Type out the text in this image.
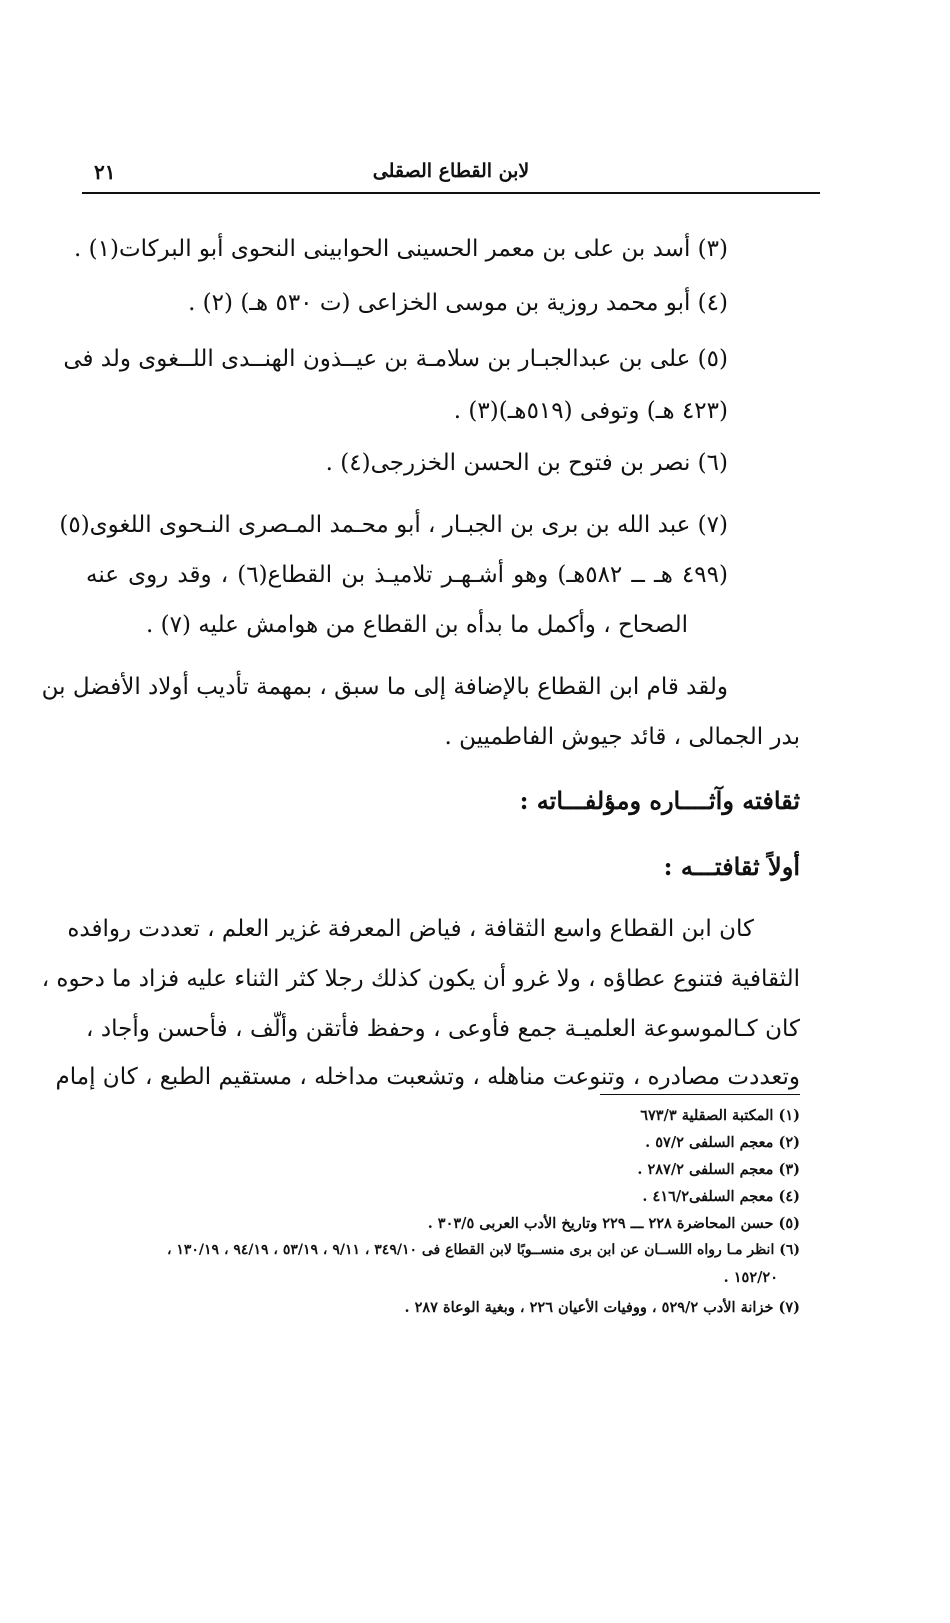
٢١	لابن القطاع الصقلى
(٣) أسد بن على بن معمر الحسينى الحوابينى النحوى أبو البركات(١) .
(٤) أبو محمد روزية بن موسى الخزاعى (ت ٥٣٠ هـ) (٢) .
(٥) على بن عبدالجبـار بن سلامـة بن عيــذون الهنــدى اللــغوى ولد فى
(٤٢٣ هـ) وتوفى (٥١٩هـ)(٣) .
(٦) نصر بن فتوح بن الحسن الخزرجى(٤) .
(٧) عبد الله بن برى بن الجبـار ، أبو محـمد المـصرى النـحوى اللغوى(٥)
(٤٩٩ هـ ــ ٥٨٢هـ) وهو أشـهـر تلاميـذ بن القطاع(٦) ، وقد روى عنه
الصحاح ، وأكمل ما بدأه بن القطاع من هوامش عليه (٧) .
ولقد قام ابن القطاع بالإضافة إلى ما سبق ، بمهمة تأديب أولاد الأفضل بن
بدر الجمالى ، قائد جيوش الفاطميين .
ثقافته وآثــــاره ومؤلفـــاته :
أولاً ثقافتـــه :
كان ابن القطاع واسع الثقافة ، فياض المعرفة غزير العلم ، تعددت روافده
الثقافية فتنوع عطاؤه ، ولا غرو أن يكون كذلك رجلا كثر الثناء عليه فزاد ما دحوه ،
كان كـالموسوعة العلميـة جمع فأوعى ، وحفظ فأتقن وألّف ، فأحسن وأجاد ،
وتعددت مصادره ، وتنوعت مناهله ، وتشعبت مداخله ، مستقيم الطبع ، كان إمام
(١) المكتبة الصقلية ٦٧٣/٣
(٢) معجم السلفى ٥٧/٢ .
(٣) معجم السلفى ٢٨٧/٢ .
(٤) معجم السلفى٤١٦/٢ .
(٥) حسن المحاضرة ٢٢٨ ـــ ٢٢٩ وتاريخ الأدب العربى ٣٠٣/٥ .
(٦) انظر مـا رواه اللســان عن ابن برى منســوبًا لابن القطاع فى ٣٤٩/١٠ ، ٩/١١ ، ٥٣/١٩ ، ٩٤/١٩ ، ١٣٠/١٩ ،
١٥٢/٢٠ .
(٧) خزانة الأدب ٥٢٩/٢ ، ووفيات الأعيان ٢٢٦ ، وبغية الوعاة ٢٨٧ .
